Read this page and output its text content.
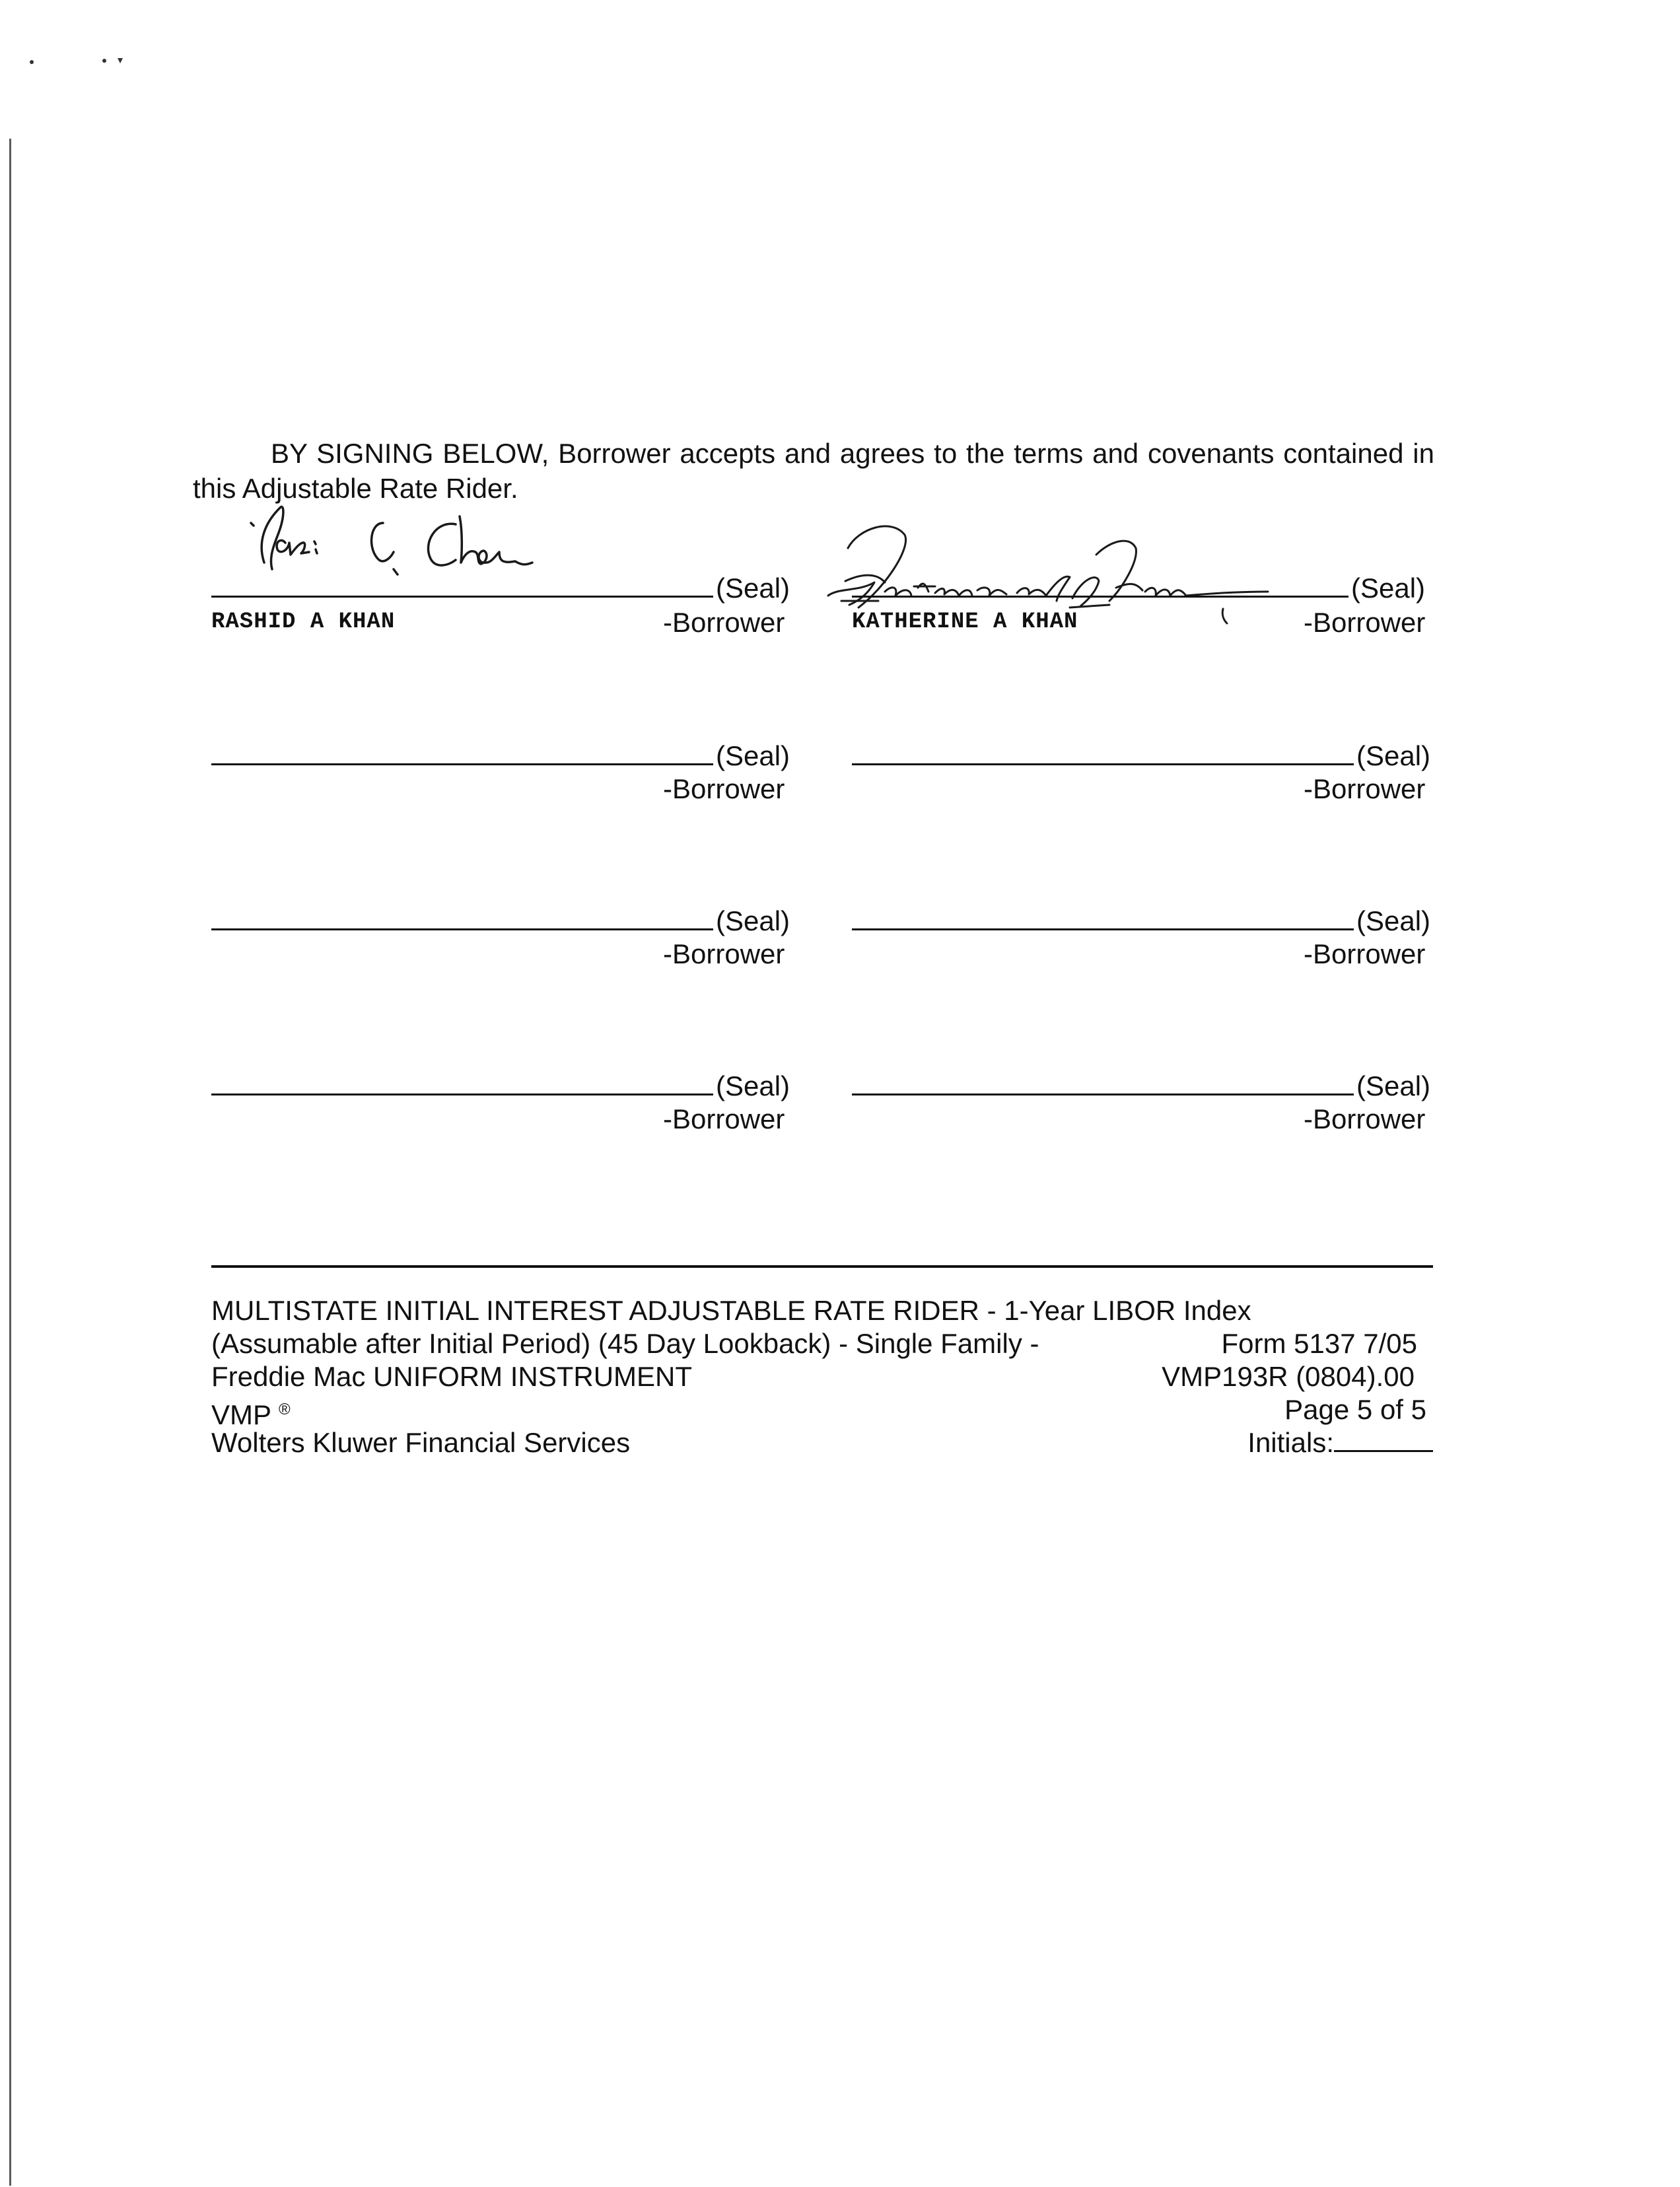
BY SIGNING BELOW, Borrower accepts and agrees to the terms and covenants contained in this Adjustable Rate Rider.

(Seal)
RASHID A KHAN	-Borrower
(Seal)
KATHERINE A KHAN	-Borrower
(Seal)
-Borrower
(Seal)
-Borrower
(Seal)
-Borrower
(Seal)
-Borrower
(Seal)
-Borrower
(Seal)
-Borrower
MULTISTATE INITIAL INTEREST ADJUSTABLE RATE RIDER - 1-Year LIBOR Index
(Assumable after Initial Period) (45 Day Lookback) - Single Family -
Freddie Mac UNIFORM INSTRUMENT
VMP ®
Wolters Kluwer Financial Services
Form 5137 7/05
VMP193R (0804).00
Page 5 of 5
Initials:
